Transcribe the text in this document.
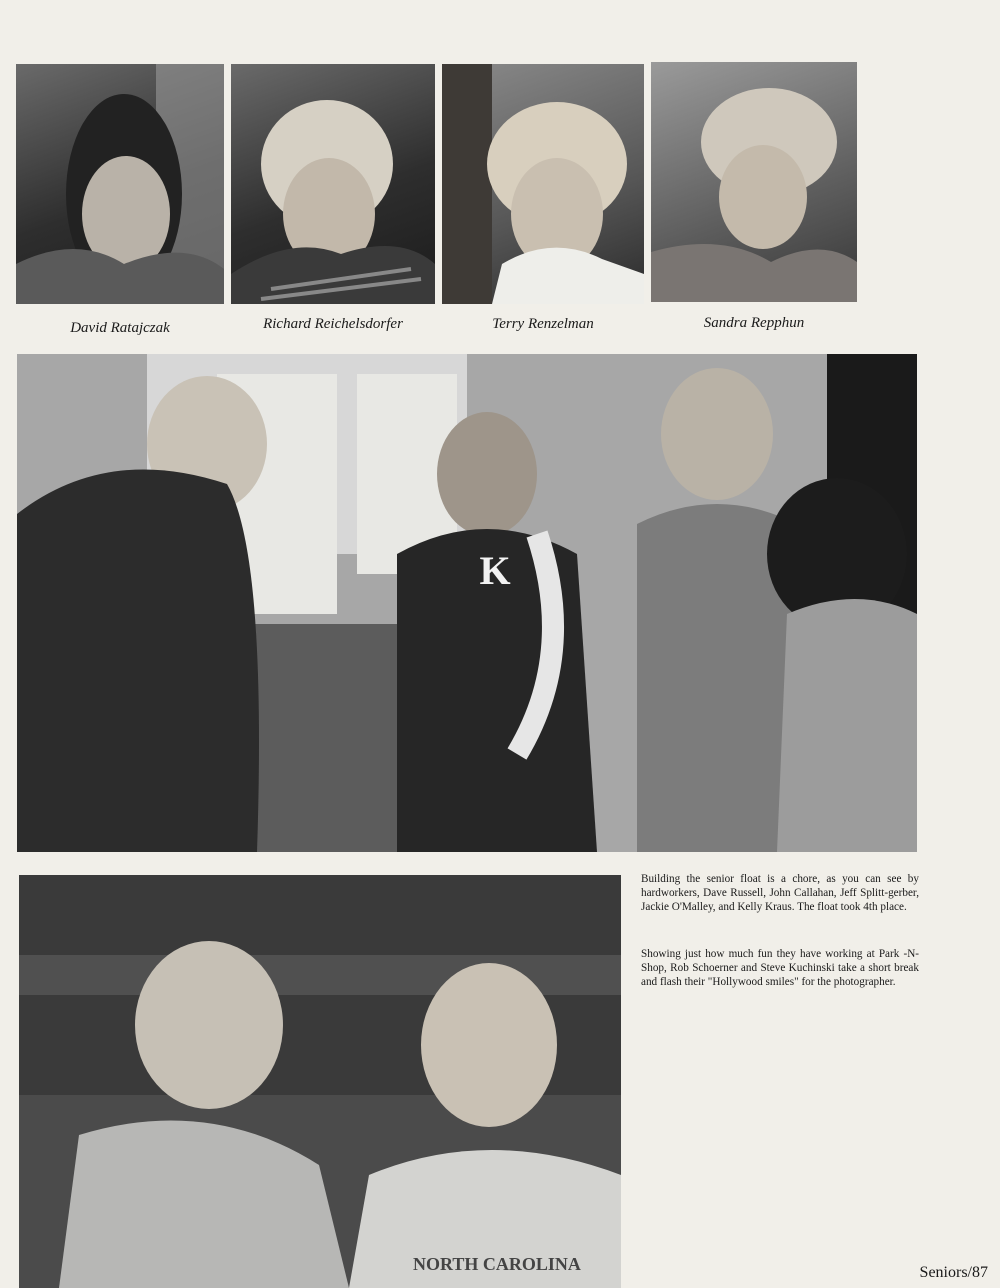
David Ratajczak	Richard Reichelsdorfer	Terry Renzelman	Sandra Repphun
K
NORTH CAROLINA

Building the senior float is a chore, as you can see by hardworkers, Dave Russell, John Callahan, Jeff Splitt-gerber, Jackie O'Malley, and Kelly Kraus. The float took 4th place.

Showing just how much fun they have working at Park -N- Shop, Rob Schoerner and Steve Kuchinski take a short break and flash their "Hollywood smiles" for the photographer.

Seniors/87
